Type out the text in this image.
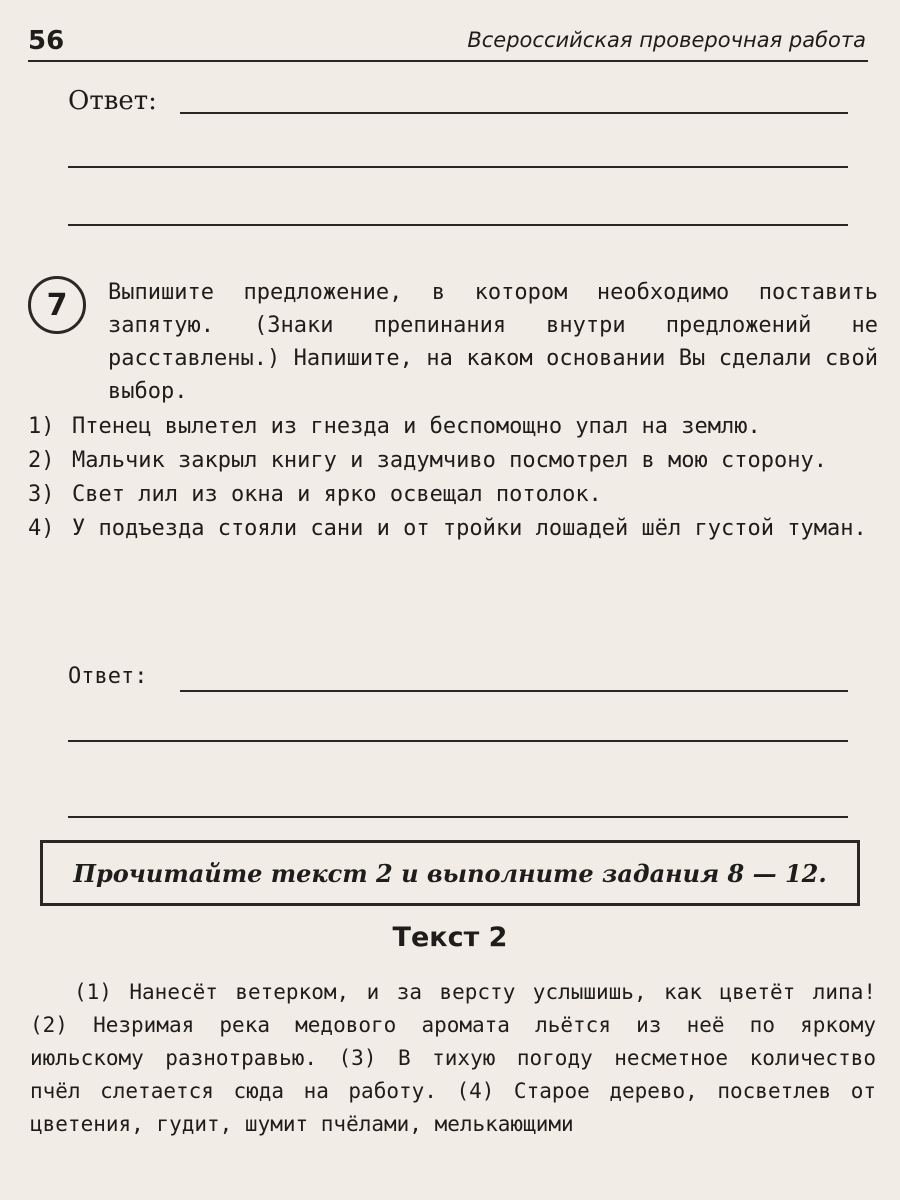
56	Всероссийская проверочная работа
Ответ:
7	Выпишите предложение, в котором необходимо поставить запятую. (Знаки препинания внутри предложений не расставлены.) Напишите, на каком основании Вы сделали свой выбор.
1) Птенец вылетел из гнезда и беспомощно упал на землю.
2) Мальчик закрыл книгу и задумчиво посмотрел в мою сторону.
3) Свет лил из окна и ярко освещал потолок.
4) У подъезда стояли сани и от тройки лошадей шёл густой туман.
Ответ:
Прочитайте текст 2 и выполните задания 8 — 12.
Текст 2
(1) Нанесёт ветерком, и за версту услышишь, как цветёт липа! (2) Незримая река медового аромата льётся из неё по яркому июльскому разнотравью. (3) В тихую погоду несметное количество пчёл слетается сюда на работу. (4) Старое дерево, посветлев от цветения, гудит, шумит пчёлами, мелькающими
